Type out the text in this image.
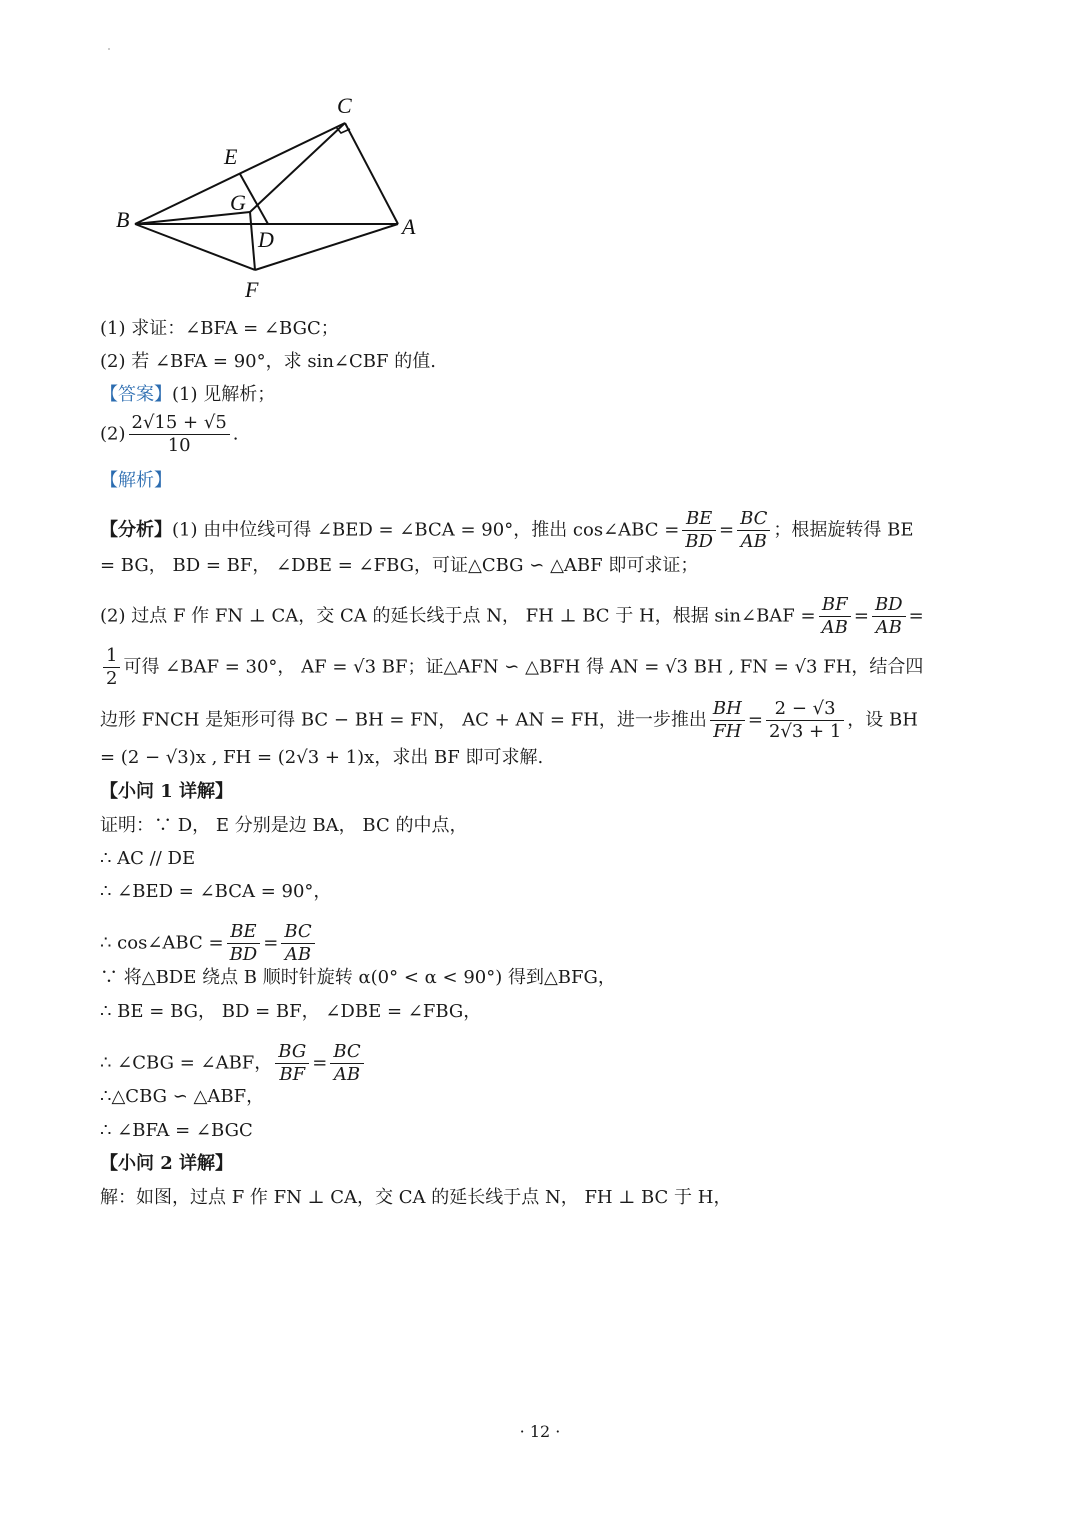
C
E
G
B
D
A
F
(1) 求证：∠BFA = ∠BGC；
(2) 若 ∠BFA = 90°，求 sin∠CBF 的值.
【答案】(1) 见解析；
$(2) \frac{2√15 + √5}{10}$ .
【解析】
【分析】(1) 由中位线可得 ∠BED = ∠BCA = 90°，推出 cos∠ABC = $\frac{BE}{BD} = \frac{BC}{AB}$ ；根据旋转得 BE
= BG， BD = BF， ∠DBE = ∠FBG，可证△CBG ∽ △ABF 即可求证；
(2) 过点 F 作 FN ⊥ CA，交 CA 的延长线于点 N， FH ⊥ BC 于 H，根据 sin∠BAF = $\frac{BF}{AB} = \frac{BD}{AB}$ =
$\frac{1}{2}$ 可得 ∠BAF = 30°， AF = √3 BF；证△AFN ∽ △BFH 得 AN = √3 BH , FN = √3 FH，结合四
边形 FNCH 是矩形可得 BC − BH = FN， AC + AN = FH，进一步推出 $\frac{BH}{FH} = \frac{2 - √3}{2√3 + 1}$ ，设 BH
= (2 − √3)x , FH = (2√3 + 1)x，求出 BF 即可求解.
【小问 1 详解】
证明：∵ D， E 分别是边 BA， BC 的中点，
∴ AC // DE
∴ ∠BED = ∠BCA = 90°，
∴ cos∠ABC = $\frac{BE}{BD} = \frac{BC}{AB}$
∵ 将△BDE 绕点 B 顺时针旋转 α(0° < α < 90°) 得到△BFG，
∴ BE = BG， BD = BF， ∠DBE = ∠FBG，
∴ ∠CBG = ∠ABF， $\frac{BG}{BF} = \frac{BC}{AB}$
∴△CBG ∽ △ABF，
∴ ∠BFA = ∠BGC
【小问 2 详解】
解：如图，过点 F 作 FN ⊥ CA，交 CA 的延长线于点 N， FH ⊥ BC 于 H，
· 12 ·
